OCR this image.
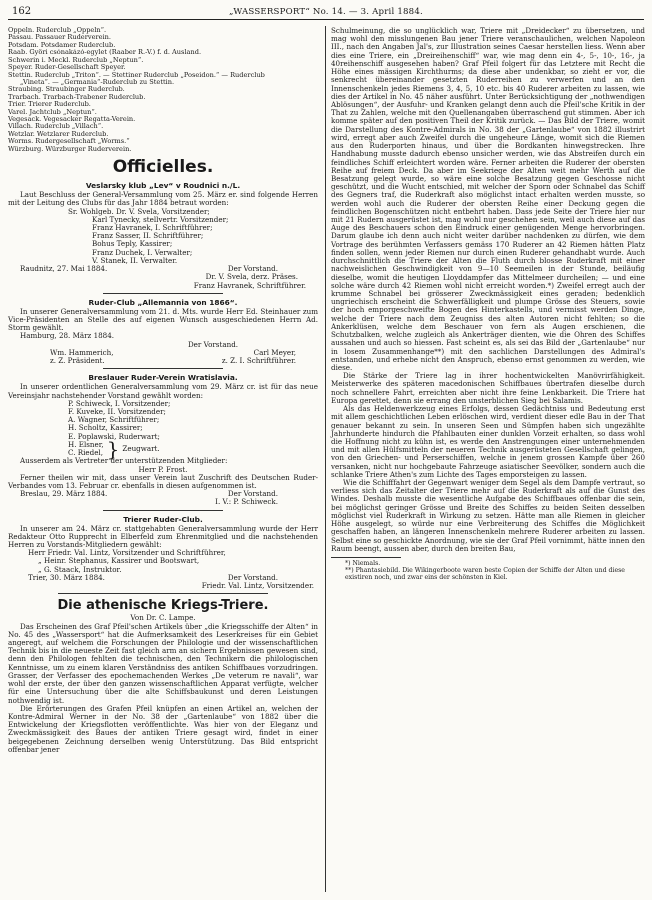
162	„WASSERSPORT“ No. 14. — 3. April 1884.
Oppeln. Ruderclub „Oppeln“.
Passau. Passauer Ruderverein.
Potsdam. Potsdamer Ruderclub.
Raab. Györi csónakázó-egylet (Raaber R.-V.) f. d. Ausland.
Schwerin i. Meckl. Ruderclub „Neptun“.
Speyer. Ruder-Gesellschaft Speyer.
Stettin. Ruderclub „Triton“. — Stettiner Ruderclub „Poseidon.“ — Ruderclub
„Vineta“. — „Germania“-Ruderclub zu Stettin.
Straubing. Straubinger Ruderclub.
Trarbach. Trarbach-Trabener Ruderclub.
Trier. Trierer Ruderclub.
Varel. Jachtclub „Neptun“.
Vegesack. Vegesacker Regatta-Verein.
Villach. Ruderclub „Villach“.
Wetzlar. Wetzlarer Ruderclub.
Worms. Rudergesellschaft „Worms.“
Würzburg. Würzburger Ruderverein.
Officielles.
Veslarsky klub „Lev“ v Roudnici n./L.
Laut Beschluss der General-Versammlung vom 25. März er. sind folgende Herren mit der Leitung des Clubs für das Jahr 1884 betraut worden:
Sr. Wohlgeb. Dr. V. Svela, Vorsitzender;
Karl Tynecky, stellvertr. Vorsitzender;
Franz Havranek, I. Schriftführer;
Franz Sasser, II. Schriftführer;
Bohus Teply, Kassirer;
Franz Duchek, I. Verwalter;
V. Stanek, II. Verwalter.
Raudnitz, 27. Mai 1884.	Der Vorstand.
Dr. V. Svela, derz. Präses.
Franz Havranek, Schriftführer.
Ruder-Club „Allemannia von 1866“.
In unserer Generalversammlung vom 21. d. Mts. wurde Herr Ed. Steinhauer zum Vice-Präsidenten an Stelle des auf eigenen Wunsch ausgeschiedenen Herrn Ad. Storm gewählt.
Hamburg, 28. März 1884.
Der Vorstand.
Wm. Hammerich,	Carl Meyer,
z. Z. Präsident.	z. Z. I. Schriftführer.
Breslauer Ruder-Verein Wratislavia.
In unserer ordentlichen Generalversammlung vom 29. März cr. ist für das neue Vereinsjahr nachstehender Vorstand gewählt worden:
P. Schiweck, I. Vorsitzender;
F. Kuveke, II. Vorsitzender;
A. Wagner, Schriftführer;
H. Scholtz, Kassirer;
E. Poplawski, Ruderwart;
H. Elsner,
C. Riedel, } Zeugwart.
Ausserdem als Vertreter der unterstützenden Mitglieder:
Herr P. Frost.
Ferner theilen wir mit, dass unser Verein laut Zuschrift des Deutschen Ruder-Verbandes vom 13. Februar cr. ebenfalls in diesen aufgenommen ist.
Breslau, 29. März 1884.	Der Vorstand.
I. V.: P. Schiweck.
Trierer Ruder-Club.
In unserer am 24. März cr. stattgehabten Generalversammlung wurde der Herr Redakteur Otto Rupprecht in Elberfeld zum Ehrenmitglied und die nachstehenden Herren zu Vorstands-Mitgliedern gewählt:
Herr Friedr. Val. Lintz, Vorsitzender und Schriftführer,
„ Heinr. Stephanus, Kassirer und Bootswart,
„ G. Staack, Instruktor.
Trier, 30. März 1884.	Der Vorstand.
Friedr. Val. Lintz, Vorsitzender.
Die athenische Kriegs-Triere.
Von Dr. C. Lampe.
Das Erscheinen des Graf Pfeil'schen Artikels über „die Kriegsschiffe der Alten“ in No. 45 des „Wassersport“ hat die Aufmerksamkeit des Leserkreises für ein Gebiet angeregt, auf welchem die Forschungen der Philologie und der wissenschaftlichen Technik bis in die neueste Zeit fast gleich arm an sichern Ergebnissen gewesen sind, denn den Philologen fehlten die technischen, den Technikern die philologischen Kenntnisse, um zu einem klaren Verständniss des antiken Schiffbaues vorzudringen. Grasser, der Verfasser des epochemachenden Werkes „De veterum re navali“, war wohl der erste, der über den ganzen wissenschaftlichen Apparat verfügte, welcher für eine Untersuchung über die alte Schiffsbaukunst und deren Leistungen nothwendig ist.
Die Erörterungen des Grafen Pfeil knüpfen an einen Artikel an, welchen der Kontre-Admiral Werner in der No. 38 der „Gartenlaube“ von 1882 über die Entwickelung der Kriegsflotten veröffentlichte. Was hier von der Eleganz und Zweckmässigkeit des Baues der antiken Triere gesagt wird, findet in einer beigegebenen Zeichnung derselben wenig Unterstützung. Das Bild entspricht offenbar jener
Schulmeinung, die so unglücklich war, Triere mit „Dreidecker“ zu übersetzen, und mag wohl den misslungenen Bau jener Triere veranschaulichen, welchen Napoleon III., nach den Angaben Jal's, zur Illustration seines Caesar herstellen liess. Wenn aber dies eine Triere, ein „Dreireihenschiff“ war, wie mag denn ein 4-, 5-, 10-, 16-, ja 40reihenschiff ausgesehen haben? Graf Pfeil folgert für das Letztere mit Recht die Höhe eines mässigen Kirchthurms; da diese aber undenkbar, so zieht er vor, die senkrecht übereinander gesetzten Ruderreihen zu verwerfen und an den Innenschenkeln jedes Riemens 3, 4, 5, 10 etc. bis 40 Ruderer arbeiten zu lassen, wie dies der Artikel in No. 45 näher ausführt. Unter Berücksichtigung der „nothwendigen Ablösungen“, der Ausfuhr- und Kranken gelangt denn auch die Pfeil'sche Kritik in der That zu Zahlen, welche mit den Quellenangaben überraschend gut stimmen. Aber ich komme später auf den positiven Theil der Kritik zurück. — Das Bild der Triere, womit die Darstellung des Kontre-Admirals in No. 38 der „Gartenlaube“ von 1882 illustrirt wird, erregt aber auch Zweifel durch die ungeheure Länge, womit sich die Riemen aus den Ruderporten hinaus, und über die Bordkanten hinwegstrecken. Ihre Handhabung musste dadurch ebenso unsicher werden, wie das Abstreifen durch ein feindliches Schiff erleichtert worden wäre. Ferner arbeiten die Ruderer der obersten Reihe auf freiem Deck. Da aber im Seekriege der Alten weit mehr Werth auf die Besatzung gelegt wurde, so wäre eine solche Besatzung gegen Geschosse nicht geschützt, und die Wucht entschied, mit welcher der Sporn oder Schnabel das Schiff des Gegners traf, die Ruderkraft also möglichst intact erhalten werden musste, so werden wohl auch die Ruderer der obersten Reihe einer Deckung gegen die feindlichen Bogenschützen nicht entbehrt haben. Dass jede Seite der Triere hier nur mit 21 Rudern ausgerüstet ist, mag wohl nur geschehen sein, weil auch diese auf das Auge des Beschauers schon den Eindruck einer genügenden Menge hervorbringen. Darum glaube ich denn auch nicht weiter darüber nachdenken zu dürfen, wie dem Vortrage des berühmten Verfassers gemäss 170 Ruderer an 42 Riemen hätten Platz finden sollen, wenn jeder Riemen nur durch einen Ruderer gehandhabt wurde. Auch durchschnittlich die Triere der Alten die Fluth durch blosse Ruderkraft mit einer nachweislichen Geschwindigkeit von 9—10 Seemeilen in der Stunde, beiläufig dieselbe, womit die heutigen Lloyddampfer das Mittelmeer durcheilen; — und eine solche wäre durch 42 Riemen wohl nicht erreicht worden.*) Zweifel erregt auch der krumme Schnabel bei grösserer Zweckmässigkeit eines geraden; bedenklich ungriechisch erscheint die Schwerfälligkeit und plumpe Grösse des Steuers, sowie der hoch emporgeschweifte Bogen des Hinterkastells, und vermisst werden Dinge, welche der Triere nach dem Zeugniss des alten Autoren nicht fehlten; so die Ankerklüsen, welche dem Beschauer von fern als Augen erschienen, die Schutzbalken, welche zugleich als Ankerträger dienten, wie die Ohren des Schiffes aussahen und auch so hiessen. Fast scheint es, als sei das Bild der „Gartenlaube“ nur in losem Zusammenhange**) mit den sachlichen Darstellungen des Admiral's entstanden, und erhebe nicht den Anspruch, ebenso ernst genommen zu werden, wie diese.
Die Stärke der Triere lag in ihrer hochentwickelten Manövrirfähigkeit. Meisterwerke des späteren macedonischen Schiffbaues übertrafen dieselbe durch noch schnellere Fahrt, erreichten aber nicht ihre feine Lenkbarkeit. Die Triere hat Europa gerettet, denn sie errang den unsterblichen Sieg bei Salamis.
Als das Heldenwerkzeug eines Erfolgs, dessen Gedächtniss und Bedeutung erst mit allem geschichtlichen Leben erlöschen wird, verdient dieser edle Bau in der That genauer bekannt zu sein. In unseren Seen und Sümpfen haben sich ungezählte Jahrhunderte hindurch die Pfahlbauten einer dunklen Vorzeit erhalten, so dass wohl die Hoffnung nicht zu kühn ist, es werde den Anstrengungen einer unternehmenden und mit allen Hülfsmitteln der neueren Technik ausgerüsteten Gesellschaft gelingen, von den Griechen- und Perserschiffen, welche in jenem grossen Kampfe über 260 versanken, nicht nur hochgebaute Fahrzeuge asiatischer Seevölker, sondern auch die schlanke Triere Athen's zum Lichte des Tages emporsteigen zu lassen.
Wie die Schifffahrt der Gegenwart weniger dem Segel als dem Dampfe vertraut, so verliess sich das Zeitalter der Triere mehr auf die Ruderkraft als auf die Gunst des Windes. Deshalb musste die wesentliche Aufgabe des Schiffbaues offenbar die sein, bei möglichst geringer Grösse und Breite des Schiffes zu beiden Seiten desselben möglichst viel Ruderkraft in Wirkung zu setzen. Hätte man alle Riemen in gleicher Höhe ausgelegt, so würde nur eine Verbreiterung des Schiffes die Möglichkeit geschaffen haben, an längeren Innenschenkeln mehrere Ruderer arbeiten zu lassen. Selbst eine so geschickte Anordnung, wie sie der Graf Pfeil vornimmt, hätte innen den Raum beengt, aussen aber, durch den breiten Bau,
*) Niemals.
**) Phantasiebild. Die Wikingerboote waren beste Copien der Schiffe der Alten und diese existiren noch, und zwar eins der schönsten in Kiel.
